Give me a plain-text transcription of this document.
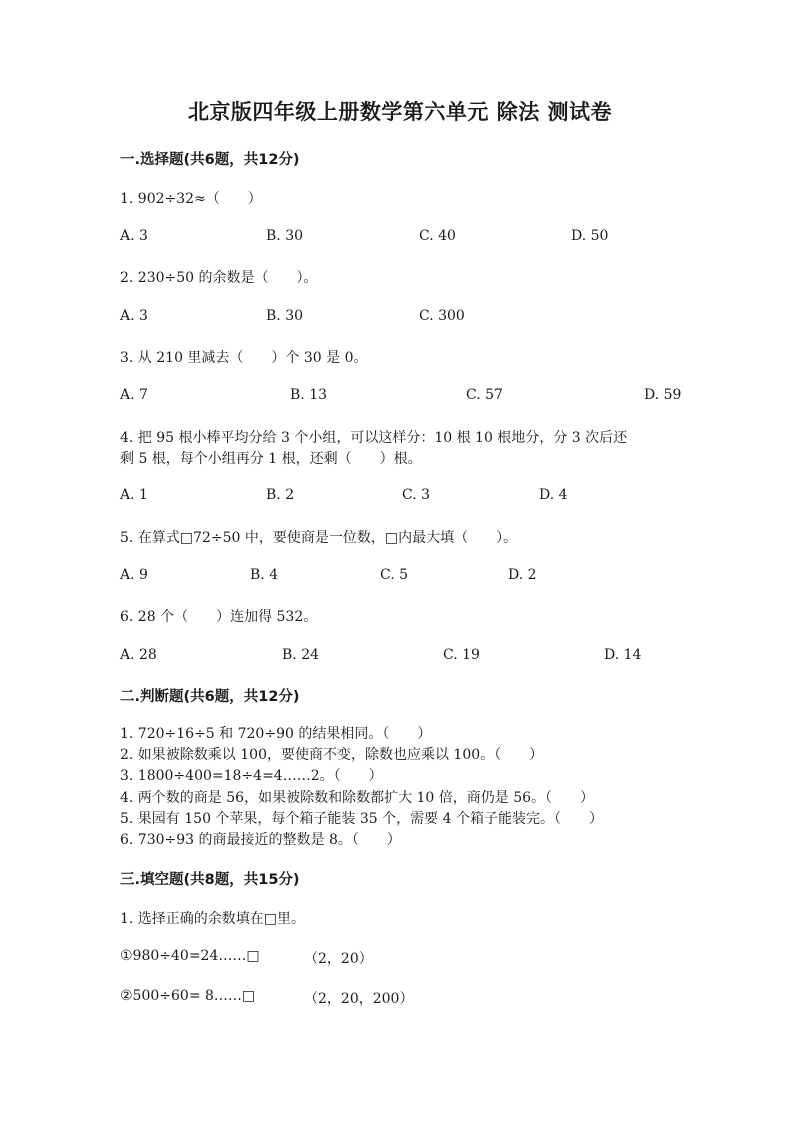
北京版四年级上册数学第六单元 除法 测试卷
一.选择题(共6题，共12分)
1. 902÷32≈（　　）
A. 3	B. 30	C. 40	D. 50
2. 230÷50 的余数是（　　）。
A. 3	B. 30	C. 300
3. 从 210 里减去（　　）个 30 是 0。
A. 7	B. 13	C. 57	D. 59
4. 把 95 根小棒平均分给 3 个小组，可以这样分：10 根 10 根地分，分 3 次后还
剩 5 根，每个小组再分 1 根，还剩（　　）根。
A. 1	B. 2	C. 3	D. 4
5. 在算式□72÷50 中，要使商是一位数，□内最大填（　　）。
A. 9	B. 4	C. 5	D. 2
6. 28 个（　　）连加得 532。
A. 28	B. 24	C. 19	D. 14
二.判断题(共6题，共12分)
1. 720÷16÷5 和 720÷90 的结果相同。（　　）
2. 如果被除数乘以 100，要使商不变，除数也应乘以 100。（　　）
3. 1800÷400=18÷4=4……2。（　　）
4. 两个数的商是 56，如果被除数和除数都扩大 10 倍，商仍是 56。（　　）
5. 果园有 150 个苹果，每个箱子能装 35 个，需要 4 个箱子能装完。（　　）
6. 730÷93 的商最接近的整数是 8。（　　）
三.填空题(共8题，共15分)
1. 选择正确的余数填在□里。
①980÷40=24……□	（2，20）
②500÷60= 8……□	（2，20，200）
